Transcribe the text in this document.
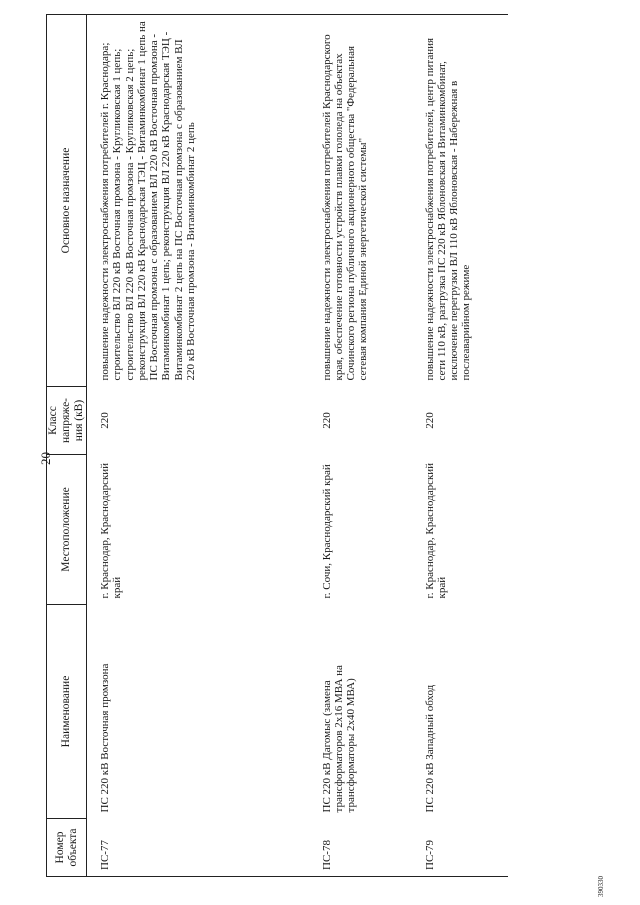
20
Номер объекта	Наименование	Местоположение	Класс напряже-ния (кВ)	Основное назначение
ПС-77	ПС 220 кВ Восточная промзона	г. Краснодар, Краснодарский край	220	повышение надежности электроснабжения потребителей г. Краснодара; строительство ВЛ 220 кВ Восточная промзона - Кругликовская 1 цепь; строительство ВЛ 220 кВ Восточная промзона - Кругликовская 2 цепь; реконструкция ВЛ 220 кВ Краснодарская ТЭЦ - Витаминкомбинат 1 цепь на ПС Восточная промзона с образованием ВЛ 220 кВ Восточная промзона - Витаминкомбинат 1 цепь; реконструкция ВЛ 220 кВ Краснодарская ТЭЦ - Витаминкомбинат 2 цепь на ПС Восточная промзона с образованием ВЛ 220 кВ Восточная промзона - Витаминкомбинат 2 цепь
ПС-78	ПС 220 кВ Дагомыс (замена трансформаторов 2х16 МВА на трансформаторы 2х40 МВА)	г. Сочи, Краснодарский край	220	повышение надежности электроснабжения потребителей Краснодарского края, обеспечение готовности устройств плавки гололеда на объектах Сочинского региона публичного акционерного общества "Федеральная сетевая компания Единой энергетической системы"
ПС-79	ПС 220 кВ Западный обход	г. Краснодар, Краснодарский край	220	повышение надежности электроснабжения потребителей, центр питания сети 110 кВ, разгрузка ПС 220 кВ Яблоновская и Витаминкомбинат, исключение перегрузки ВЛ 110 кВ Яблоновская - Набережная в послеаварийном режиме
390330
